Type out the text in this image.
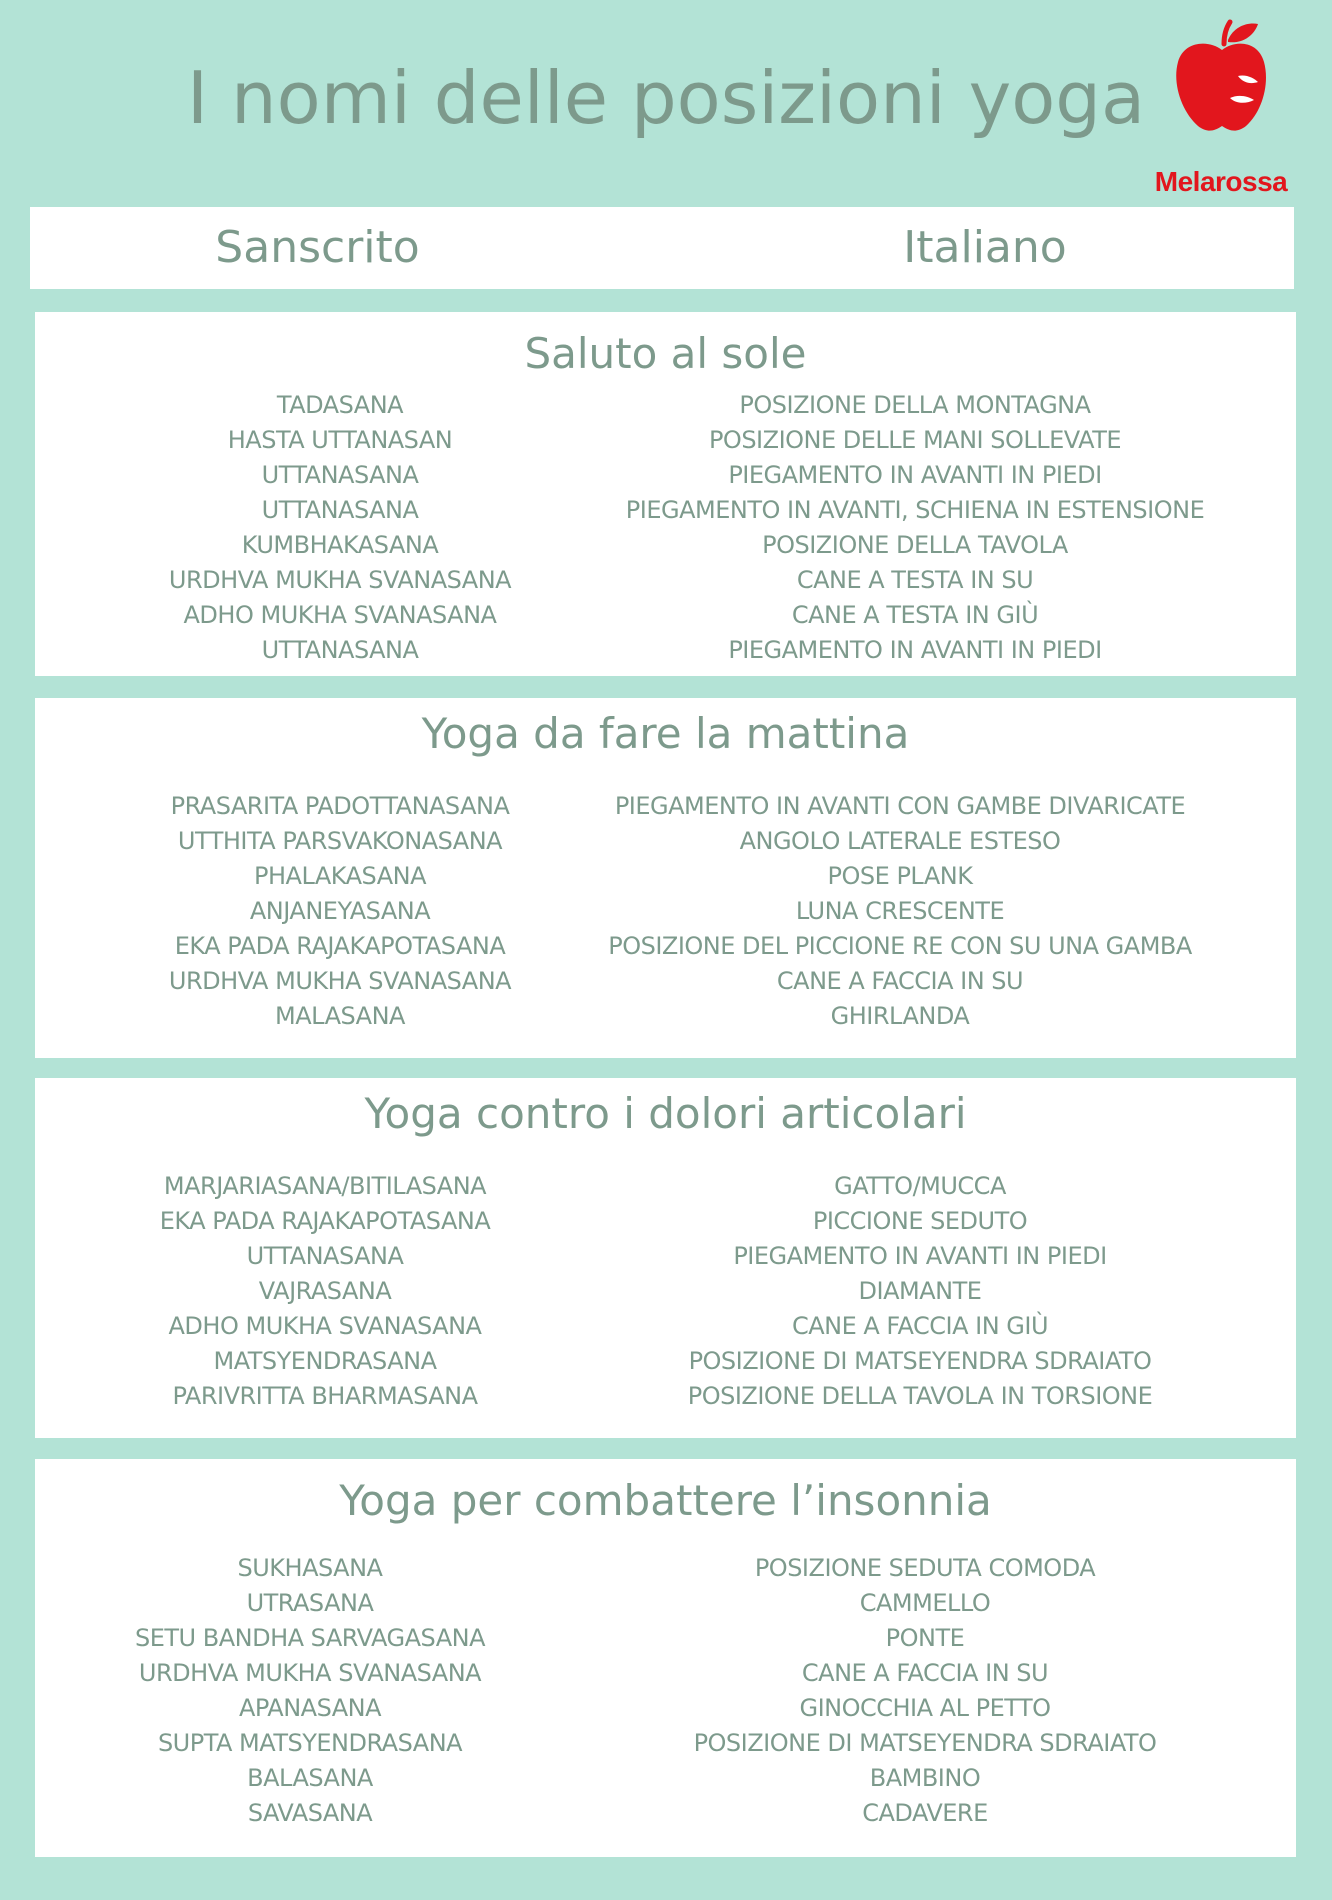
I nomi delle posizioni yoga
Melarossa
Sanscrito	Italiano
Saluto al sole
TADASANA
HASTA UTTANASAN
UTTANASANA
UTTANASANA
KUMBHAKASANA
URDHVA MUKHA SVANASANA
ADHO MUKHA SVANASANA
UTTANASANA
POSIZIONE DELLA MONTAGNA
POSIZIONE DELLE MANI SOLLEVATE
PIEGAMENTO IN AVANTI IN PIEDI
PIEGAMENTO IN AVANTI, SCHIENA IN ESTENSIONE
POSIZIONE DELLA TAVOLA
CANE A TESTA IN SU
CANE A TESTA IN GIÙ
PIEGAMENTO IN AVANTI IN PIEDI
Yoga da fare la mattina
PRASARITA PADOTTANASANA
UTTHITA PARSVAKONASANA
PHALAKASANA
ANJANEYASANA
EKA PADA RAJAKAPOTASANA
URDHVA MUKHA SVANASANA
MALASANA
PIEGAMENTO IN AVANTI CON GAMBE DIVARICATE
ANGOLO LATERALE ESTESO
POSE PLANK
LUNA CRESCENTE
POSIZIONE DEL PICCIONE RE CON SU UNA GAMBA
CANE A FACCIA IN SU
GHIRLANDA
Yoga contro i dolori articolari
MARJARIASANA/BITILASANA
EKA PADA RAJAKAPOTASANA
UTTANASANA
VAJRASANA
ADHO MUKHA SVANASANA
MATSYENDRASANA
PARIVRITTA BHARMASANA
GATTO/MUCCA
PICCIONE SEDUTO
PIEGAMENTO IN AVANTI IN PIEDI
DIAMANTE
CANE A FACCIA IN GIÙ
POSIZIONE DI MATSEYENDRA SDRAIATO
POSIZIONE DELLA TAVOLA IN TORSIONE
Yoga per combattere l’insonnia
SUKHASANA
UTRASANA
SETU BANDHA SARVAGASANA
URDHVA MUKHA SVANASANA
APANASANA
SUPTA MATSYENDRASANA
BALASANA
SAVASANA
POSIZIONE SEDUTA COMODA
CAMMELLO
PONTE
CANE A FACCIA IN SU
GINOCCHIA AL PETTO
POSIZIONE DI MATSEYENDRA SDRAIATO
BAMBINO
CADAVERE
